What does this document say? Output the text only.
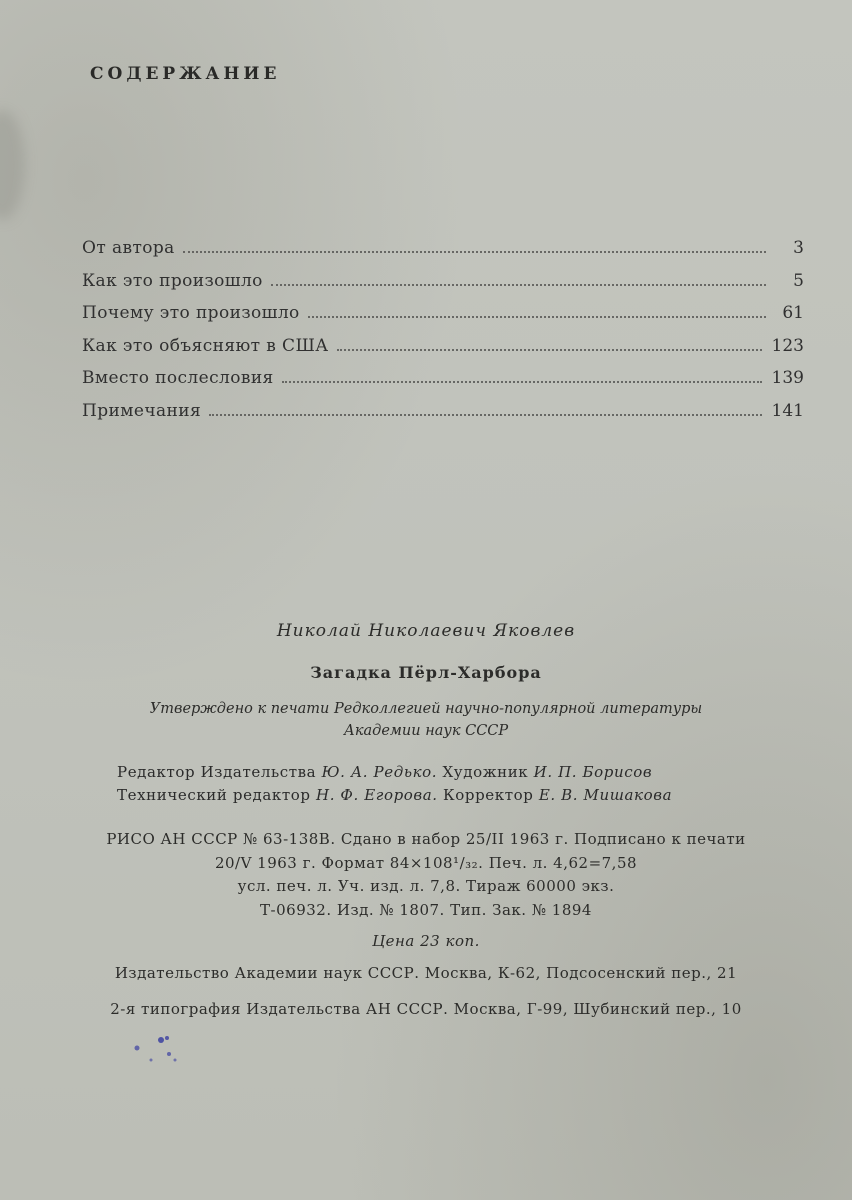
СОДЕРЖАНИЕ
От автора	3
Как это произошло	5
Почему это произошло	61
Как это объясняют в США	123
Вместо послесловия	139
Примечания	141
Николай Николаевич Яковлев
Загадка Пёрл-Харбора
Утверждено к печати Редколлегией научно-популярной литературы
Академии наук СССР
Редактор Издательства Ю. А. Редько. Художник И. П. Борисов
Технический редактор Н. Ф. Егорова. Корректор Е. В. Мишакова
РИСО АН СССР № 63-138В. Сдано в набор 25/II 1963 г. Подписано к печати
20/V 1963 г. Формат 84×108¹/₃₂. Печ. л. 4,62=7,58
усл. печ. л. Уч. изд. л. 7,8. Тираж 60000 экз.
Т-06932. Изд. № 1807. Тип. Зак. № 1894
Цена 23 коп.
Издательство Академии наук СССР. Москва, К-62, Подсосенский пер., 21
2-я типография Издательства АН СССР. Москва, Г-99, Шубинский пер., 10
